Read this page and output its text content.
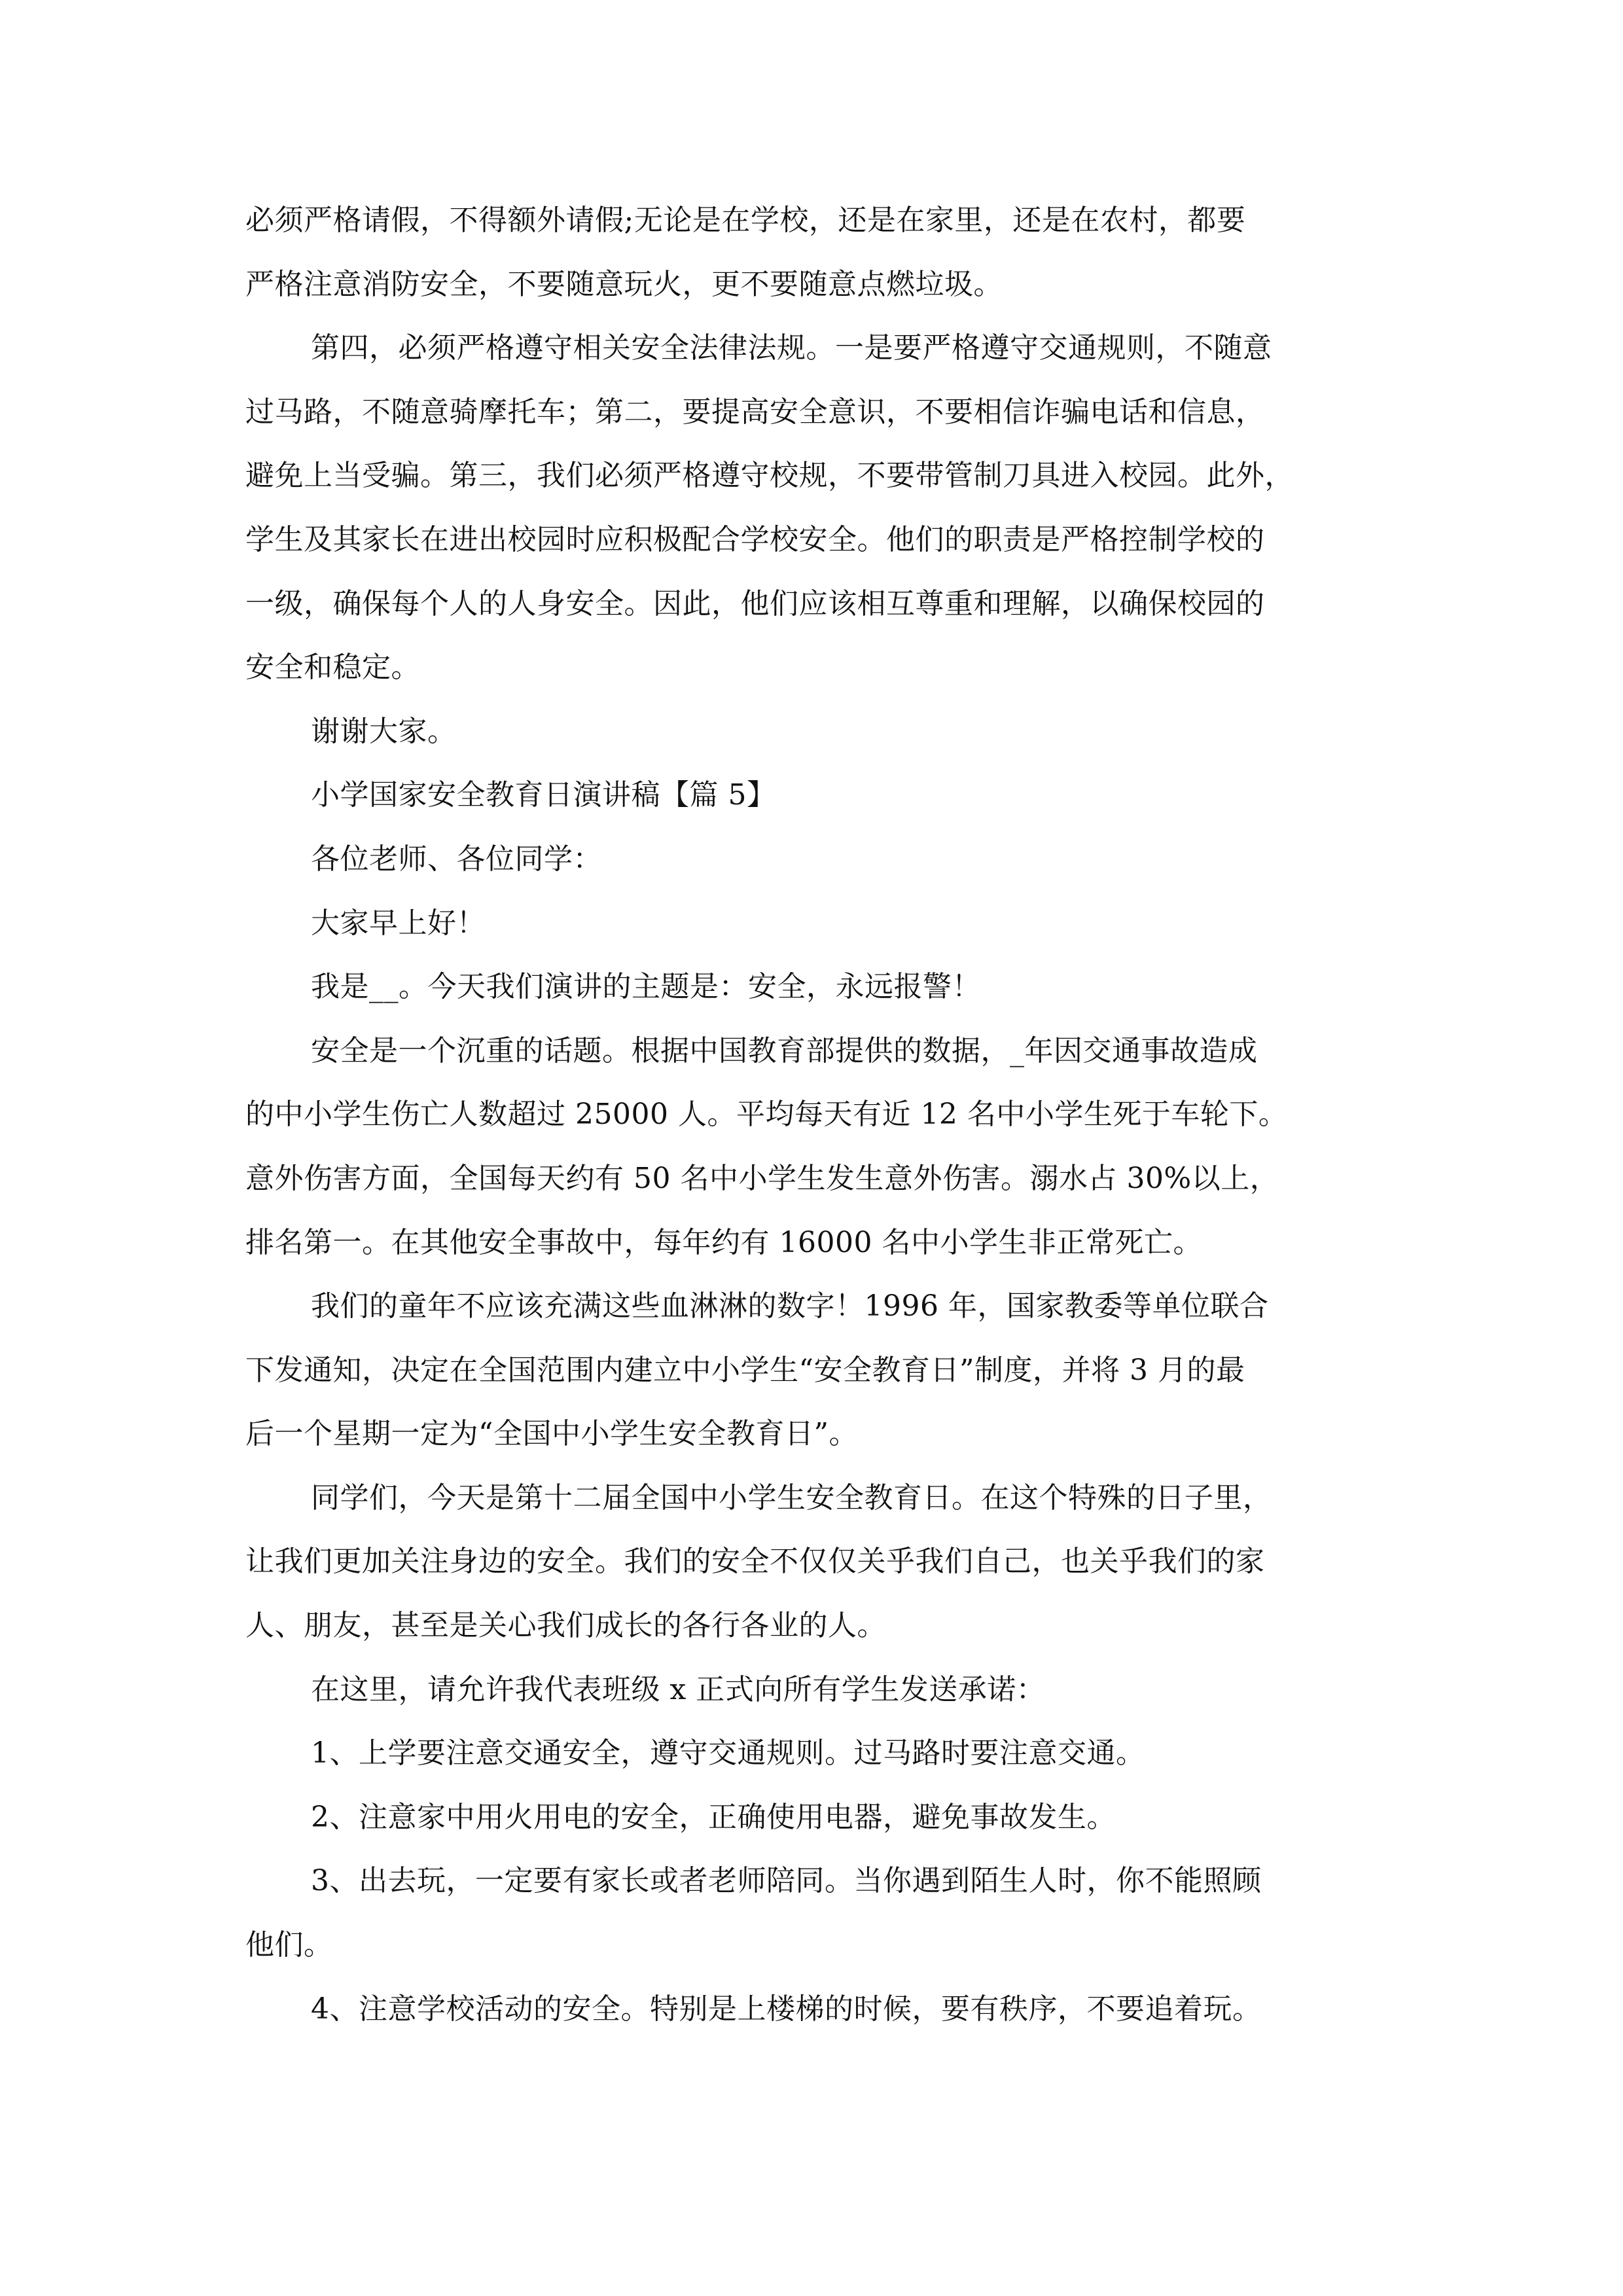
必须严格请假，不得额外请假;无论是在学校，还是在家里，还是在农村，都要
严格注意消防安全，不要随意玩火，更不要随意点燃垃圾。
第四，必须严格遵守相关安全法律法规。一是要严格遵守交通规则，不随意
过马路，不随意骑摩托车；第二，要提高安全意识，不要相信诈骗电话和信息，
避免上当受骗。第三，我们必须严格遵守校规，不要带管制刀具进入校园。此外，
学生及其家长在进出校园时应积极配合学校安全。他们的职责是严格控制学校的
一级，确保每个人的人身安全。因此，他们应该相互尊重和理解，以确保校园的
安全和稳定。
谢谢大家。
小学国家安全教育日演讲稿【篇 5】
各位老师、各位同学：
大家早上好！
我是__。今天我们演讲的主题是：安全，永远报警！
安全是一个沉重的话题。根据中国教育部提供的数据，_年因交通事故造成
的中小学生伤亡人数超过 25000 人。平均每天有近 12 名中小学生死于车轮下。
意外伤害方面，全国每天约有 50 名中小学生发生意外伤害。溺水占 30%以上，
排名第一。在其他安全事故中，每年约有 16000 名中小学生非正常死亡。
我们的童年不应该充满这些血淋淋的数字！1996 年，国家教委等单位联合
下发通知，决定在全国范围内建立中小学生“安全教育日”制度，并将 3 月的最
后一个星期一定为“全国中小学生安全教育日”。
同学们，今天是第十二届全国中小学生安全教育日。在这个特殊的日子里，
让我们更加关注身边的安全。我们的安全不仅仅关乎我们自己，也关乎我们的家
人、朋友，甚至是关心我们成长的各行各业的人。
在这里，请允许我代表班级 x 正式向所有学生发送承诺：
1、上学要注意交通安全，遵守交通规则。过马路时要注意交通。
2、注意家中用火用电的安全，正确使用电器，避免事故发生。
3、出去玩，一定要有家长或者老师陪同。当你遇到陌生人时，你不能照顾
他们。
4、注意学校活动的安全。特别是上楼梯的时候，要有秩序，不要追着玩。
